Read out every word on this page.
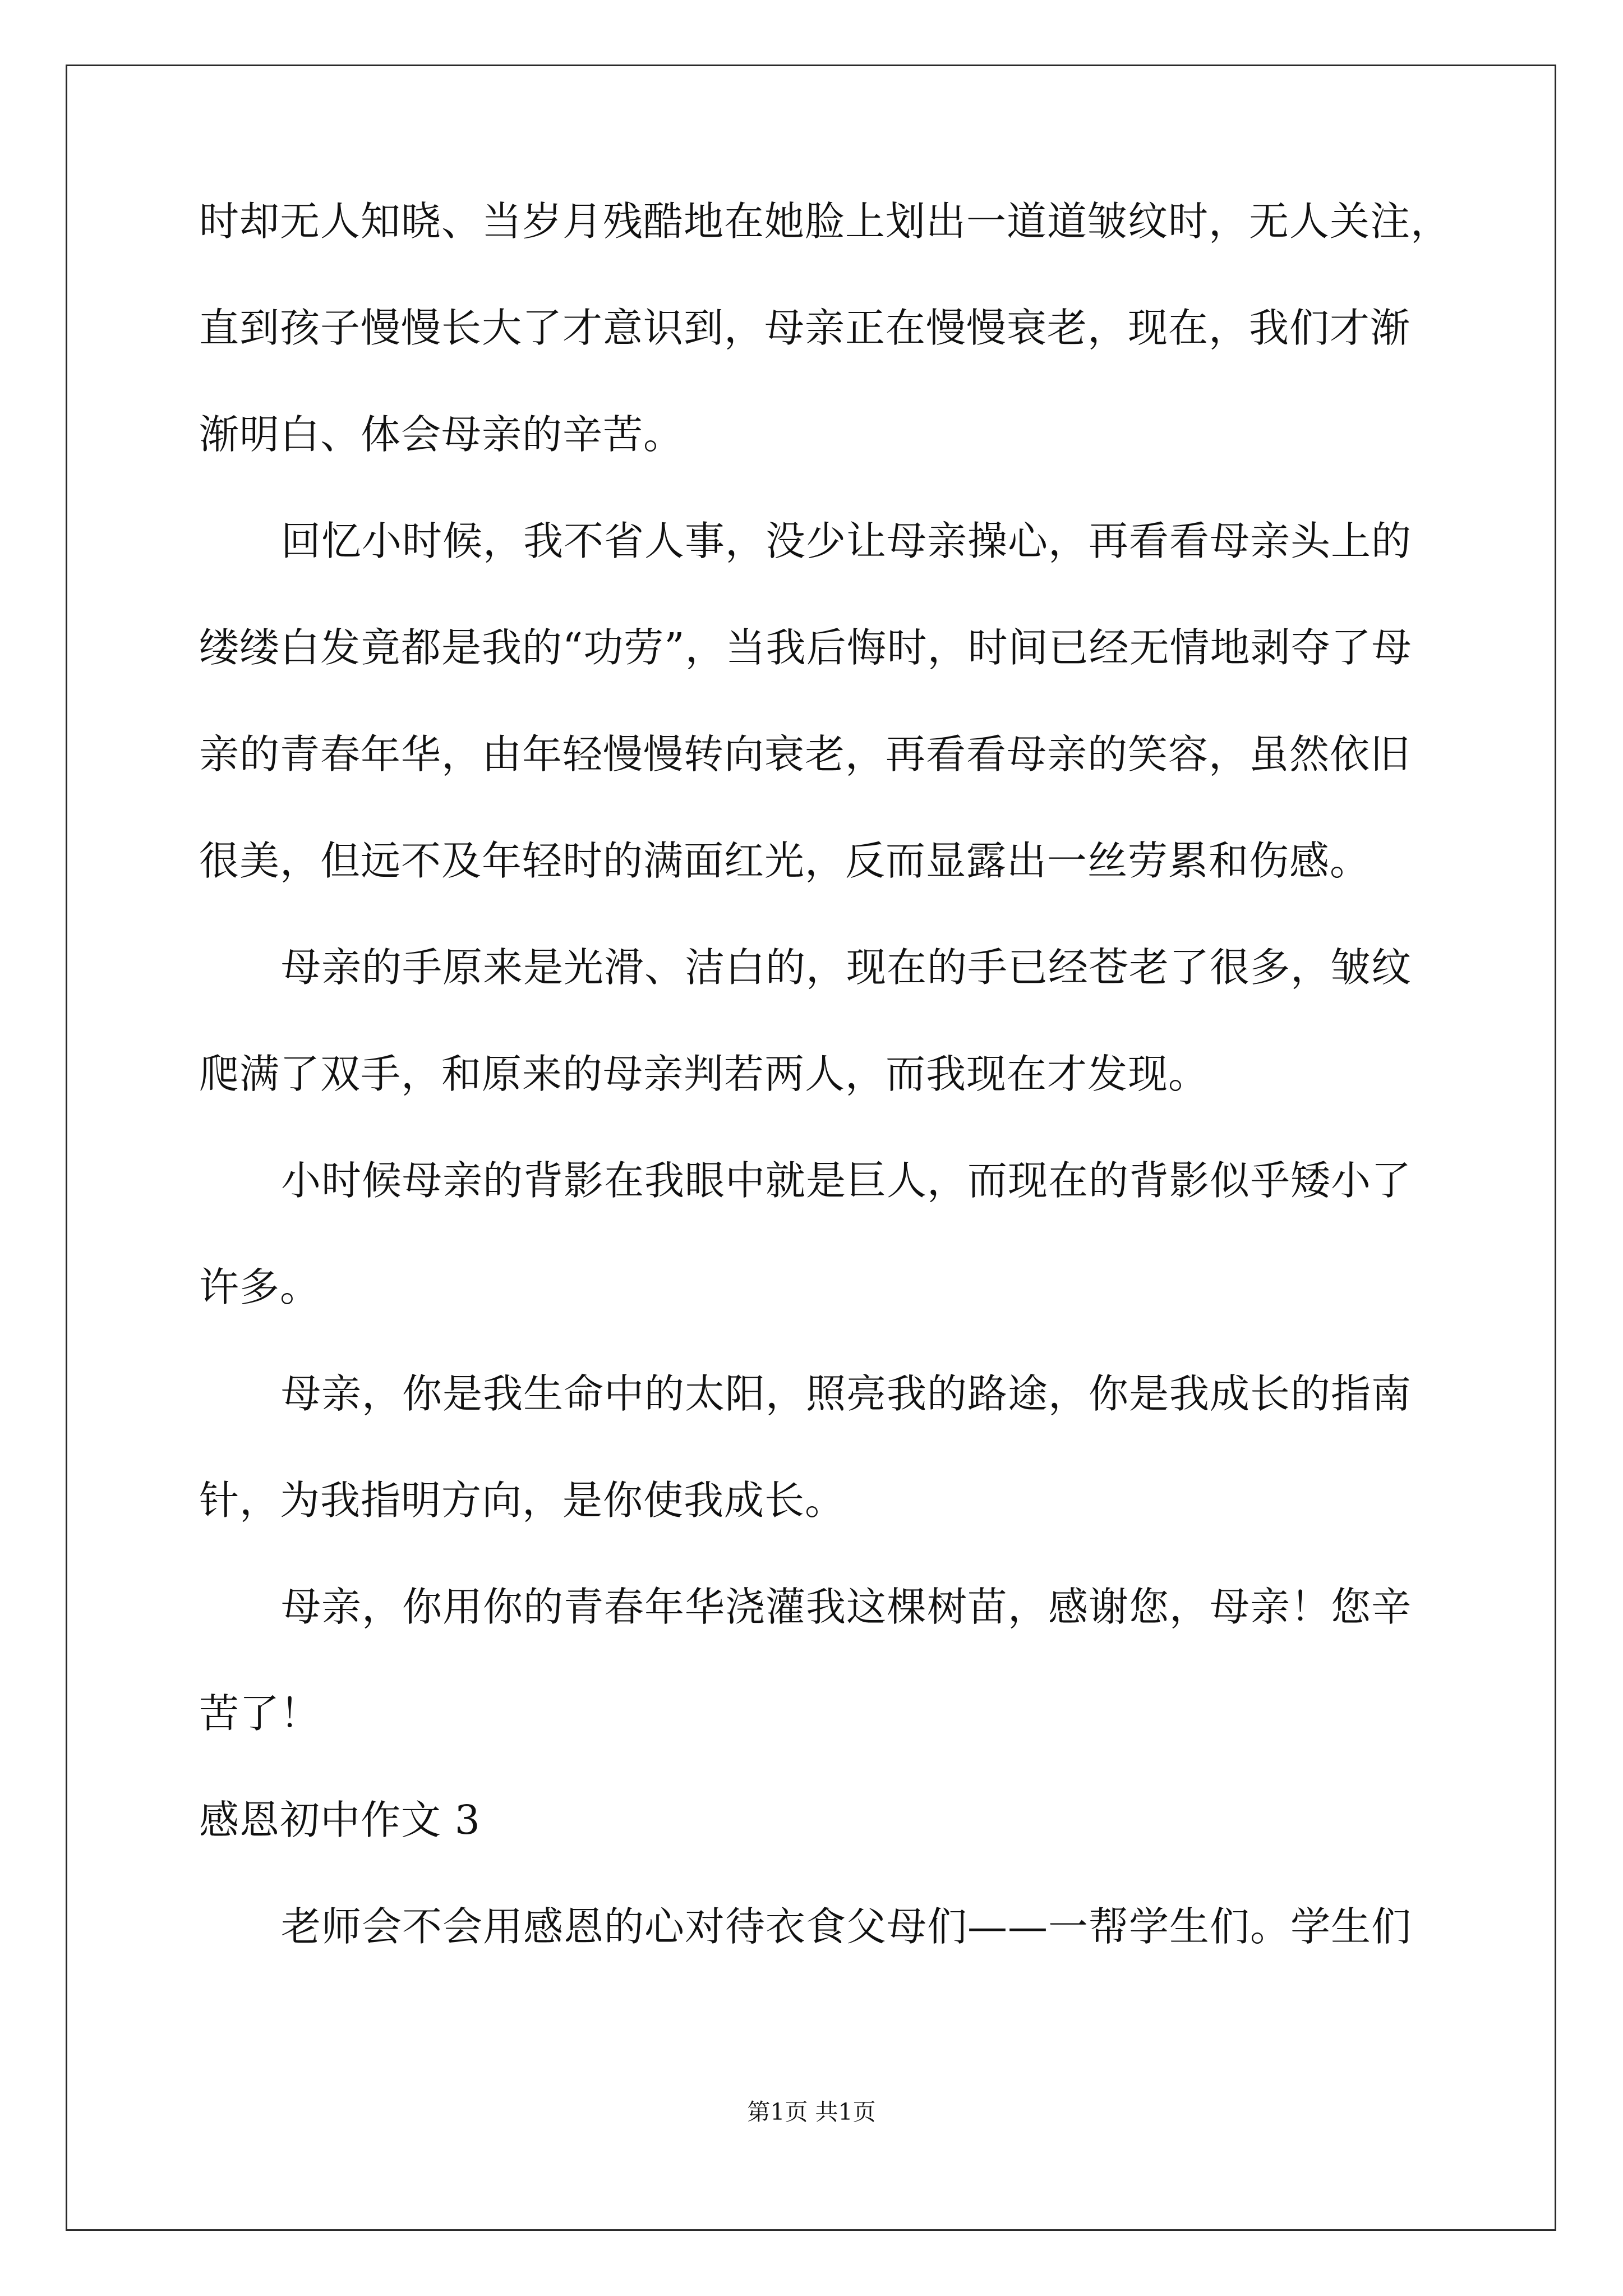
时却无人知晓、当岁月残酷地在她脸上划出一道道皱纹时，无人关注，
直到孩子慢慢长大了才意识到，母亲正在慢慢衰老，现在，我们才渐
渐明白、体会母亲的辛苦。
回忆小时候，我不省人事，没少让母亲操心，再看看母亲头上的
缕缕白发竟都是我的“功劳”，当我后悔时，时间已经无情地剥夺了母
亲的青春年华，由年轻慢慢转向衰老，再看看母亲的笑容，虽然依旧
很美，但远不及年轻时的满面红光，反而显露出一丝劳累和伤感。
母亲的手原来是光滑、洁白的，现在的手已经苍老了很多，皱纹
爬满了双手，和原来的母亲判若两人，而我现在才发现。
小时候母亲的背影在我眼中就是巨人，而现在的背影似乎矮小了
许多。
母亲，你是我生命中的太阳，照亮我的路途，你是我成长的指南
针，为我指明方向，是你使我成长。
母亲，你用你的青春年华浇灌我这棵树苗，感谢您，母亲！您辛
苦了！
感恩初中作文 3
老师会不会用感恩的心对待衣食父母们——一帮学生们。学生们
第1页 共1页
